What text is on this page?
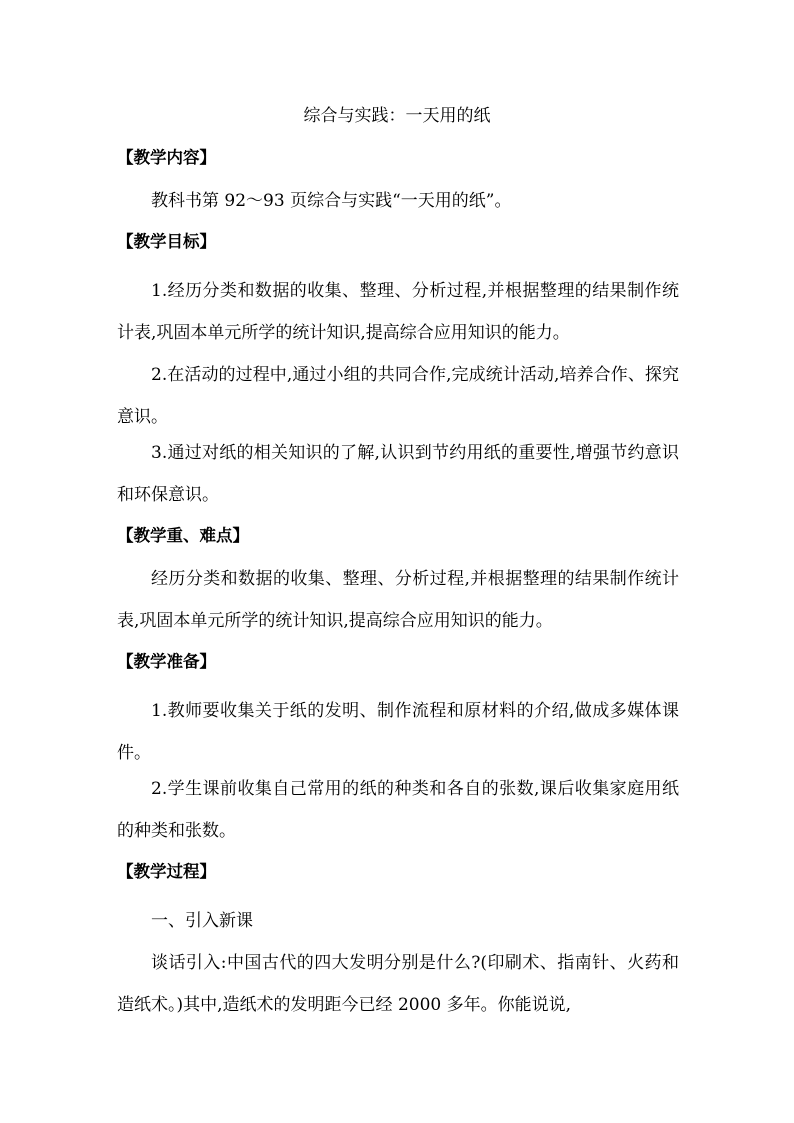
综合与实践：一天用的纸
【教学内容】
教科书第 92～93 页综合与实践“一天用的纸”。
【教学目标】
1.经历分类和数据的收集、整理、分析过程,并根据整理的结果制作统计表,巩固本单元所学的统计知识,提高综合应用知识的能力。
2.在活动的过程中,通过小组的共同合作,完成统计活动,培养合作、探究意识。
3.通过对纸的相关知识的了解,认识到节约用纸的重要性,增强节约意识和环保意识。
【教学重、难点】
经历分类和数据的收集、整理、分析过程,并根据整理的结果制作统计表,巩固本单元所学的统计知识,提高综合应用知识的能力。
【教学准备】
1.教师要收集关于纸的发明、制作流程和原材料的介绍,做成多媒体课件。
2.学生课前收集自己常用的纸的种类和各自的张数,课后收集家庭用纸的种类和张数。
【教学过程】
一、引入新课
谈话引入:中国古代的四大发明分别是什么?(印刷术、指南针、火药和造纸术。)其中,造纸术的发明距今已经 2000 多年。你能说说,
